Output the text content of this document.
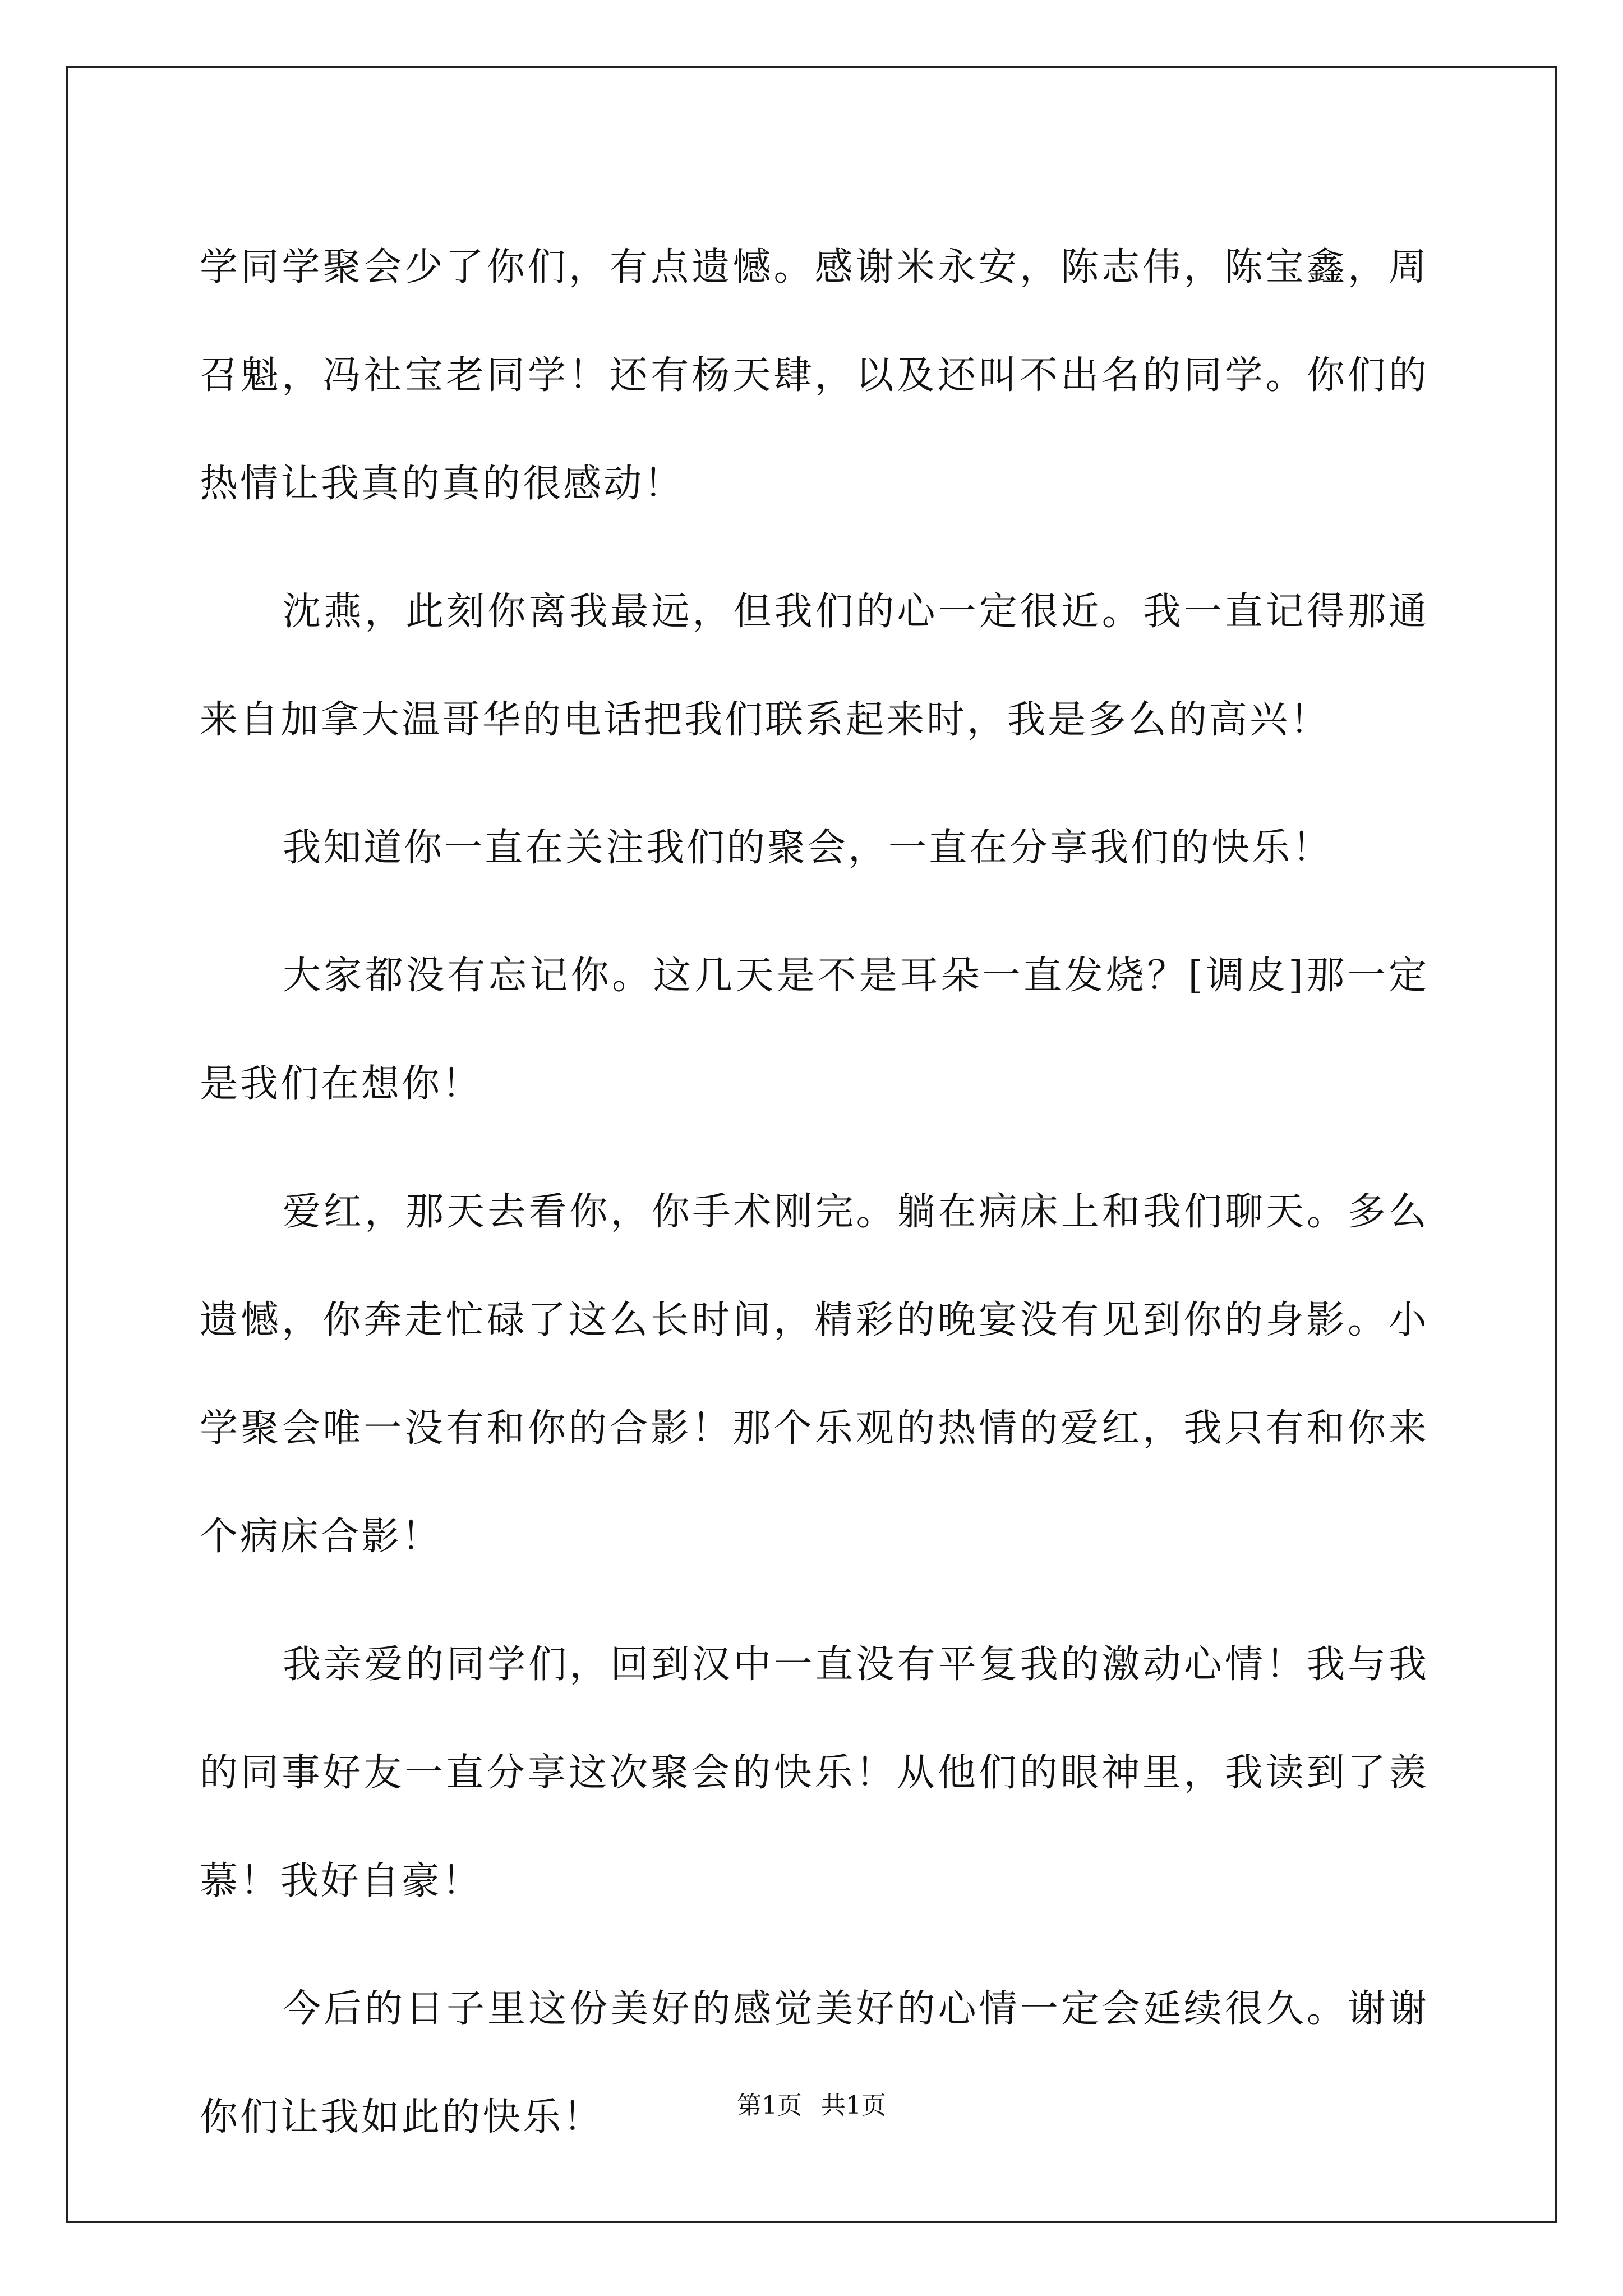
学同学聚会少了你们，有点遗憾。感谢米永安，陈志伟，陈宝鑫，周召魁，冯社宝老同学！还有杨天肆，以及还叫不出名的同学。你们的热情让我真的真的很感动！

沈燕，此刻你离我最远，但我们的心一定很近。我一直记得那通来自加拿大温哥华的电话把我们联系起来时，我是多么的高兴！

我知道你一直在关注我们的聚会，一直在分享我们的快乐！

大家都没有忘记你。这几天是不是耳朵一直发烧？[调皮]那一定是我们在想你！

爱红，那天去看你，你手术刚完。躺在病床上和我们聊天。多么遗憾，你奔走忙碌了这么长时间，精彩的晚宴没有见到你的身影。小学聚会唯一没有和你的合影！那个乐观的热情的爱红，我只有和你来个病床合影！

我亲爱的同学们，回到汉中一直没有平复我的激动心情！我与我的同事好友一直分享这次聚会的快乐！从他们的眼神里，我读到了羡慕！我好自豪！

今后的日子里这份美好的感觉美好的心情一定会延续很久。谢谢你们让我如此的快乐！	第1页 共1页
